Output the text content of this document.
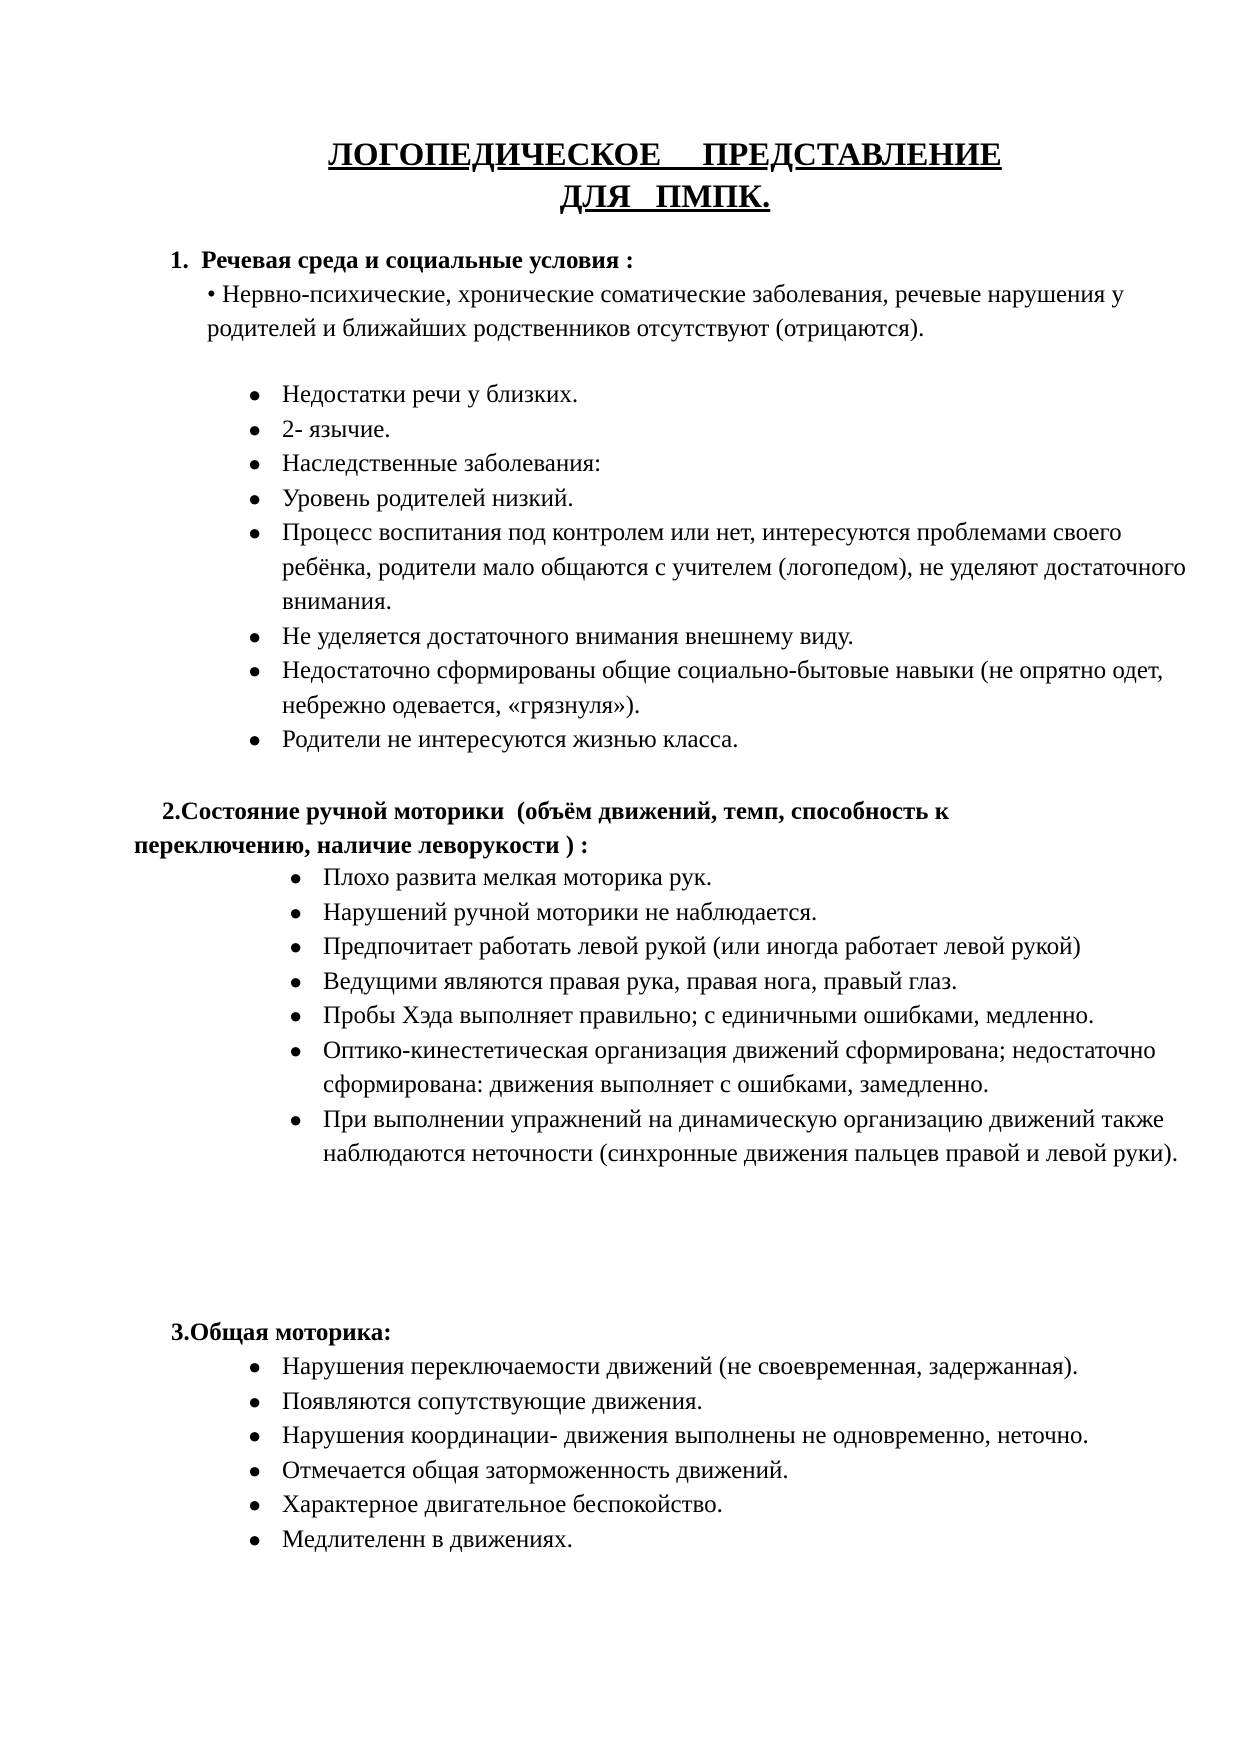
ЛОГОПЕДИЧЕСКОЕ     ПРЕДСТАВЛЕНИЕ
ДЛЯ   ПМПК.
1.  Речевая среда и социальные условия :
• Нервно-психические, хронические соматические заболевания, речевые нарушения у родителей и ближайших родственников отсутствуют (отрицаются).
● Недостатки речи у близких.
● 2- язычие.
● Наследственные заболевания:
● Уровень родителей низкий.
● Процесс воспитания под контролем или нет, интересуются проблемами своего ребёнка, родители мало общаются с учителем (логопедом), не уделяют достаточного внимания.
● Не уделяется достаточного внимания внешнему виду.
● Недостаточно сформированы общие социально-бытовые навыки (не опрятно одет, небрежно одевается, «грязнуля»).
● Родители не интересуются жизнью класса.
2.Состояние ручной моторики  (объём движений, темп, способность к
переключению, наличие леворукости ) :
● Плохо развита мелкая моторика рук.
● Нарушений ручной моторики не наблюдается.
● Предпочитает работать левой рукой (или иногда работает левой рукой)
● Ведущими являются правая рука, правая нога, правый глаз.
● Пробы Хэда выполняет правильно; с единичными ошибками, медленно.
● Оптико-кинестетическая организация движений сформирована; недостаточно сформирована: движения выполняет с ошибками, замедленно.
● При выполнении упражнений на динамическую организацию движений также наблюдаются неточности (синхронные движения пальцев правой и левой руки).
3.Общая моторика:
● Нарушения переключаемости движений (не своевременная, задержанная).
● Появляются сопутствующие движения.
● Нарушения координации- движения выполнены не одновременно, неточно.
● Отмечается общая заторможенность движений.
● Характерное двигательное беспокойство.
● Медлителенн в движениях.
